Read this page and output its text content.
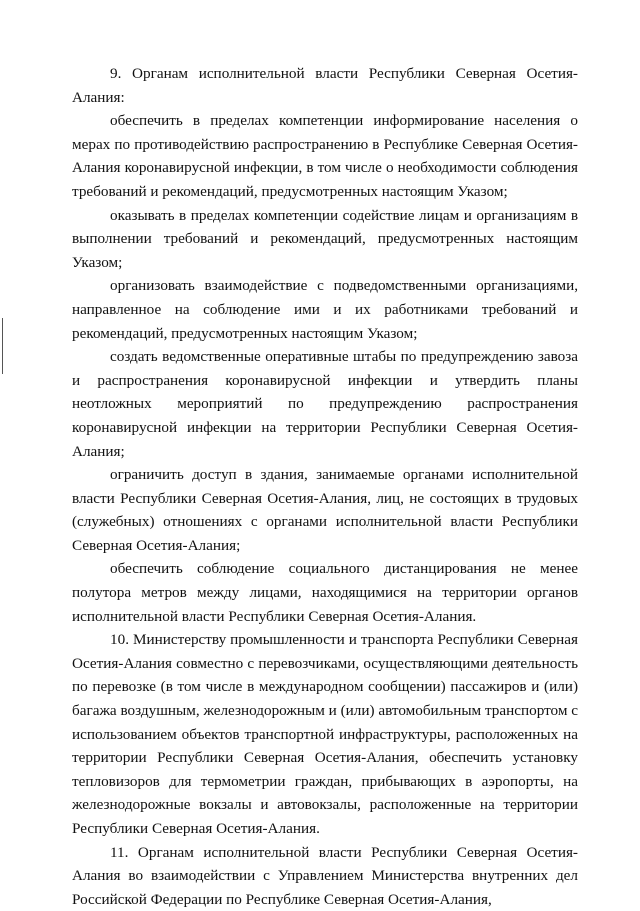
9. Органам исполнительной власти Республики Северная Осетия-Алания:

обеспечить в пределах компетенции информирование населения о мерах по противодействию распространению в Республике Северная Осетия-Алания коронавирусной инфекции, в том числе о необходимости соблюдения требований и рекомендаций, предусмотренных настоящим Указом;

оказывать в пределах компетенции содействие лицам и организациям в выполнении требований и рекомендаций, предусмотренных настоящим Указом;

организовать взаимодействие с подведомственными организациями, направленное на соблюдение ими и их работниками требований и рекомендаций, предусмотренных настоящим Указом;

создать ведомственные оперативные штабы по предупреждению завоза и распространения коронавирусной инфекции и утвердить планы неотложных мероприятий по предупреждению распространения коронавирусной инфекции на территории Республики Северная Осетия-Алания;

ограничить доступ в здания, занимаемые органами исполнительной власти Республики Северная Осетия-Алания, лиц, не состоящих в трудовых (служебных) отношениях с органами исполнительной власти Республики Северная Осетия-Алания;

обеспечить соблюдение социального дистанцирования не менее полутора метров между лицами, находящимися на территории органов исполнительной власти Республики Северная Осетия-Алания.

10. Министерству промышленности и транспорта Республики Северная Осетия-Алания совместно с перевозчиками, осуществляющими деятельность по перевозке (в том числе в международном сообщении) пассажиров и (или) багажа воздушным, железнодорожным и (или) автомобильным транспортом с использованием объектов транспортной инфраструктуры, расположенных на территории Республики Северная Осетия-Алания, обеспечить установку тепловизоров для термометрии граждан, прибывающих в аэропорты, на железнодорожные вокзалы и автовокзалы, расположенные на территории Республики Северная Осетия-Алания.

11. Органам исполнительной власти Республики Северная Осетия-Алания во взаимодействии с Управлением Министерства внутренних дел Российской Федерации по Республике Северная Осетия-Алания,
